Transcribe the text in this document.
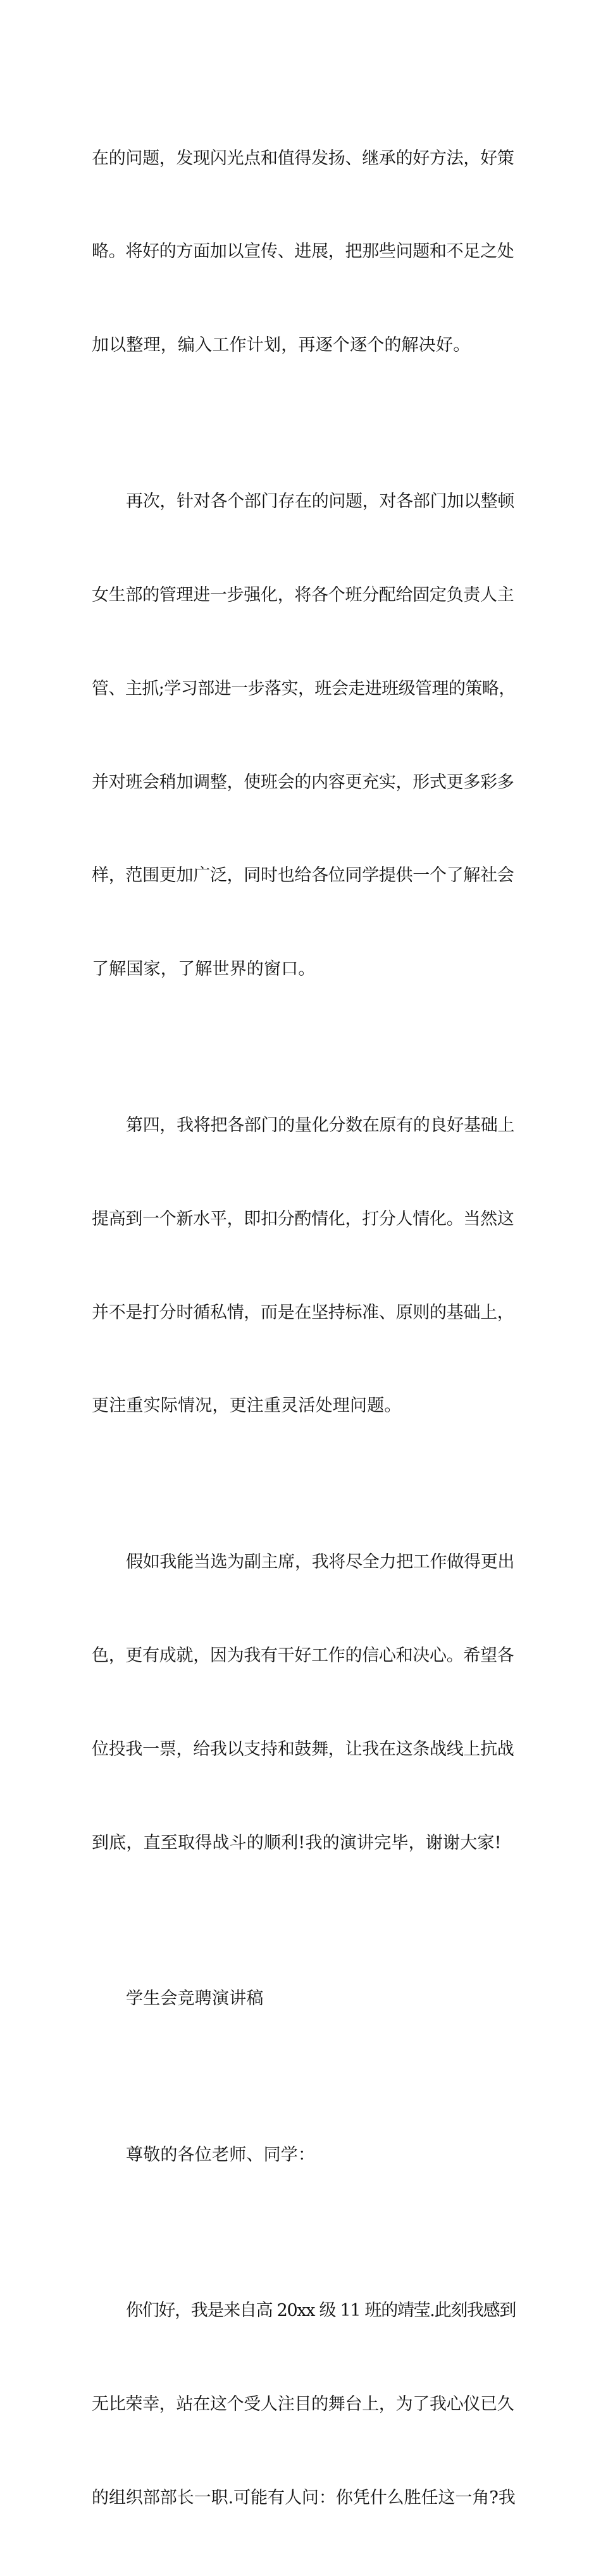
在的问题，发现闪光点和值得发扬、继承的好方法，好策

略。将好的方面加以宣传、进展，把那些问题和不足之处

加以整理，编入工作计划，再逐个逐个的解决好。

再次，针对各个部门存在的问题，对各部门加以整顿

女生部的管理进一步强化，将各个班分配给固定负责人主

管、主抓;学习部进一步落实，班会走进班级管理的策略，

并对班会稍加调整，使班会的内容更充实，形式更多彩多

样，范围更加广泛，同时也给各位同学提供一个了解社会

了解国家，了解世界的窗口。

第四，我将把各部门的量化分数在原有的良好基础上

提高到一个新水平，即扣分酌情化，打分人情化。当然这

并不是打分时循私情，而是在坚持标准、原则的基础上，

更注重实际情况，更注重灵活处理问题。

假如我能当选为副主席，我将尽全力把工作做得更出

色，更有成就，因为我有干好工作的信心和决心。希望各

位投我一票，给我以支持和鼓舞，让我在这条战线上抗战

到底，直至取得战斗的顺利!我的演讲完毕，谢谢大家!

学生会竞聘演讲稿

尊敬的各位老师、同学：

你们好，我是来自高 20xx 级 11 班的靖莹.此刻我感到

无比荣幸，站在这个受人注目的舞台上，为了我心仪已久

的组织部部长一职.可能有人问：你凭什么胜任这一角?我
